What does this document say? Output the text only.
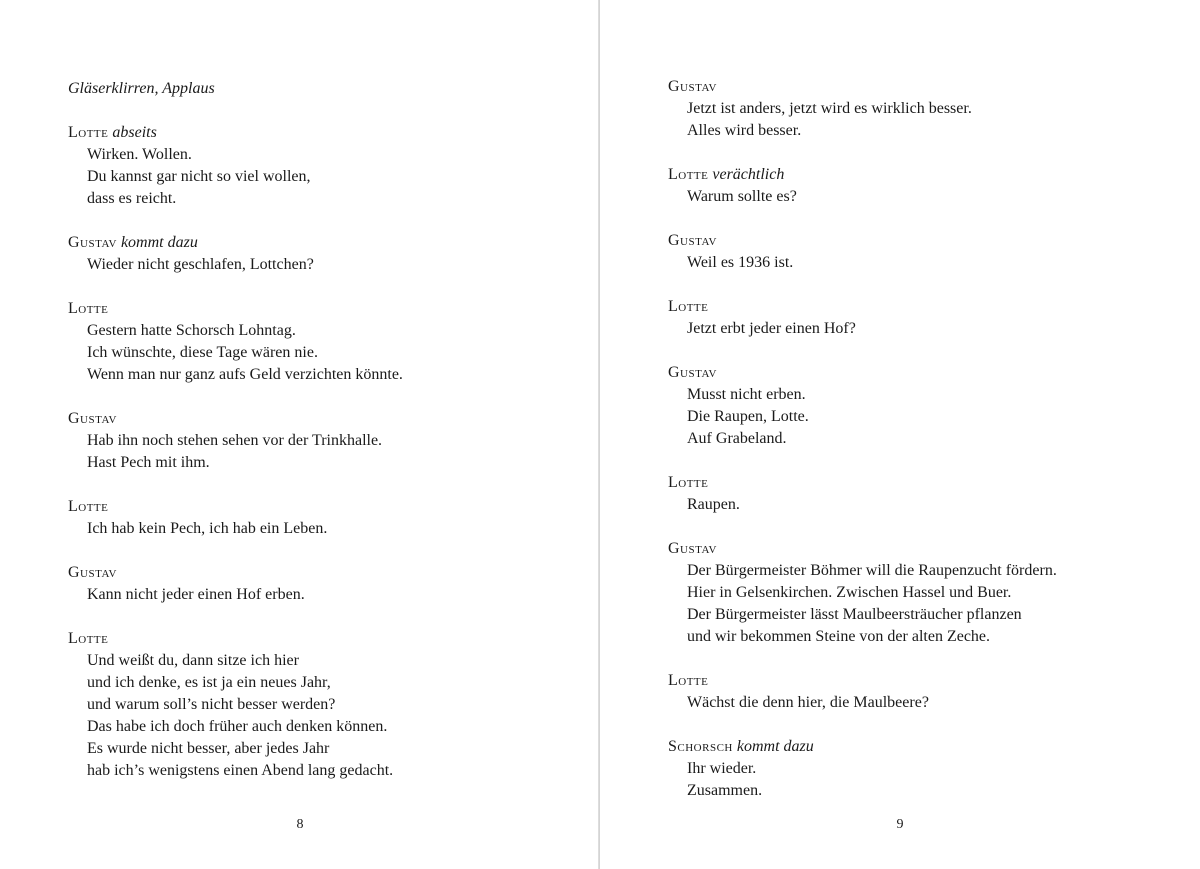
Gläserklirren, Applaus
Lotte abseits
Wirken. Wollen.
Du kannst gar nicht so viel wollen,
dass es reicht.
Gustav kommt dazu
Wieder nicht geschlafen, Lottchen?
Lotte
Gestern hatte Schorsch Lohntag.
Ich wünschte, diese Tage wären nie.
Wenn man nur ganz aufs Geld verzichten könnte.
Gustav
Hab ihn noch stehen sehen vor der Trinkhalle.
Hast Pech mit ihm.
Lotte
Ich hab kein Pech, ich hab ein Leben.
Gustav
Kann nicht jeder einen Hof erben.
Lotte
Und weißt du, dann sitze ich hier
und ich denke, es ist ja ein neues Jahr,
und warum soll’s nicht besser werden?
Das habe ich doch früher auch denken können.
Es wurde nicht besser, aber jedes Jahr
hab ich’s wenigstens einen Abend lang gedacht.
8
Gustav
Jetzt ist anders, jetzt wird es wirklich besser.
Alles wird besser.
Lotte verächtlich
Warum sollte es?
Gustav
Weil es 1936 ist.
Lotte
Jetzt erbt jeder einen Hof?
Gustav
Musst nicht erben.
Die Raupen, Lotte.
Auf Grabeland.
Lotte
Raupen.
Gustav
Der Bürgermeister Böhmer will die Raupenzucht fördern.
Hier in Gelsenkirchen. Zwischen Hassel und Buer.
Der Bürgermeister lässt Maulbeersträucher pflanzen
und wir bekommen Steine von der alten Zeche.
Lotte
Wächst die denn hier, die Maulbeere?
Schorsch kommt dazu
Ihr wieder.
Zusammen.
9
